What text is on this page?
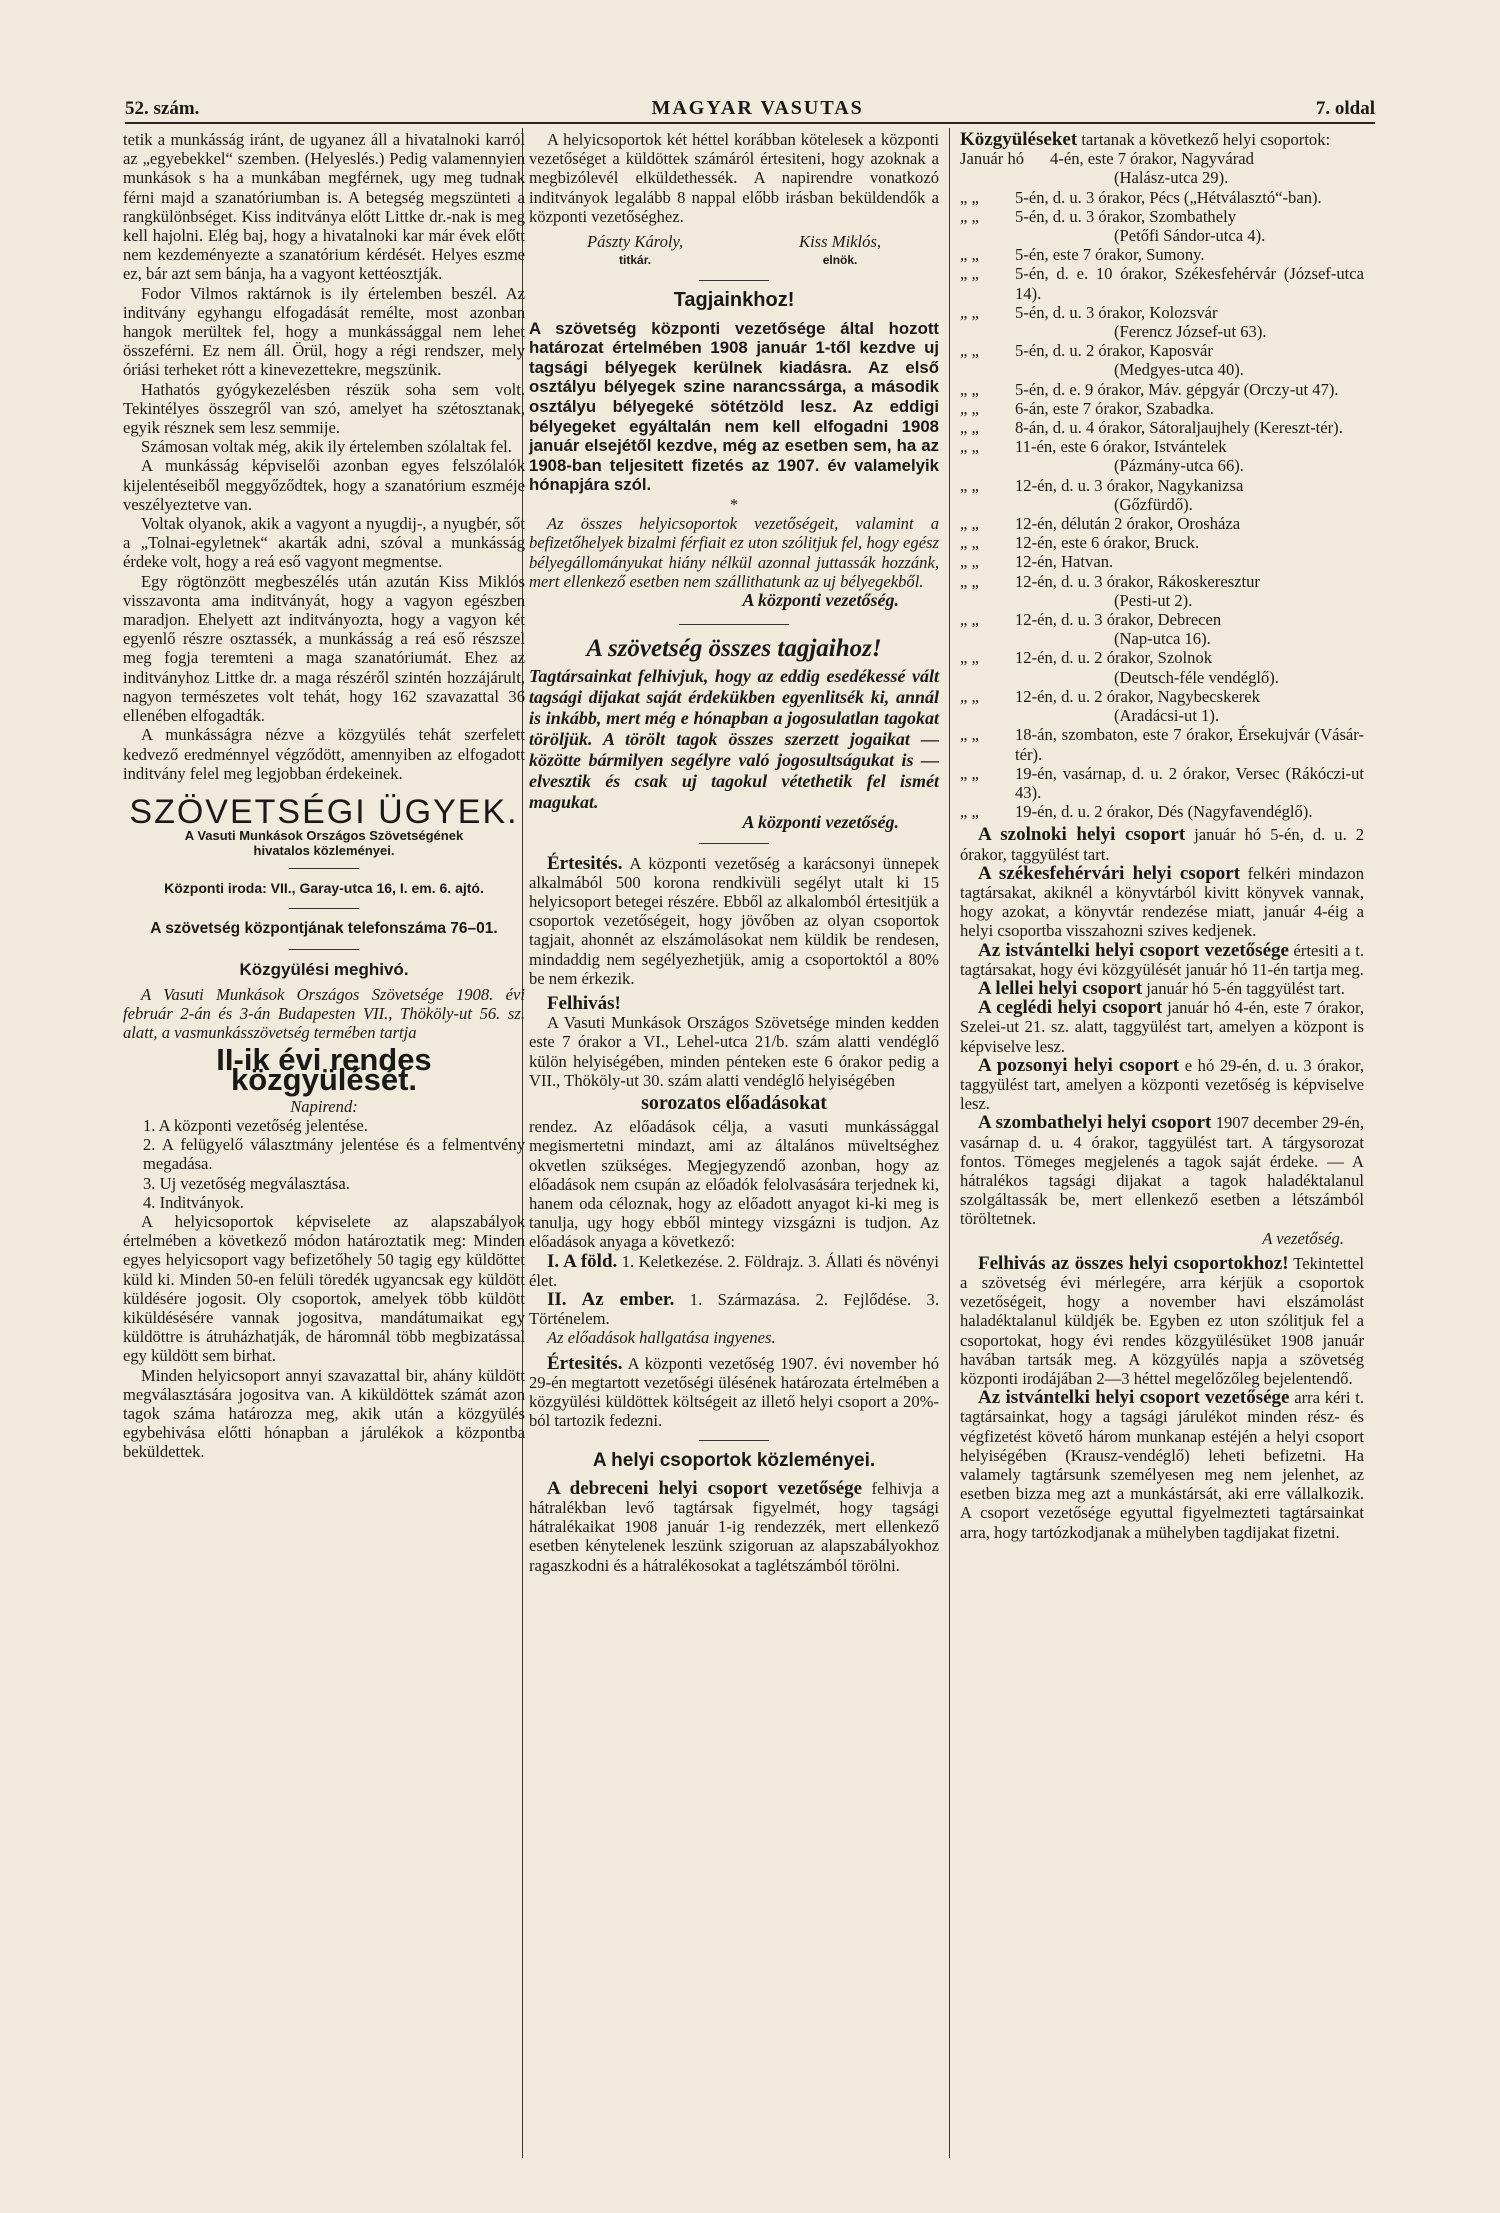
52. szám.	MAGYAR VASUTAS	7. oldal

tetik a munkásság iránt, de ugyanez áll a hivatalnoki karról az „egyebekkel“ szemben. (Helyeslés.) Pedig valamennyien munkások s ha a munkában megférnek, ugy meg tudnak férni majd a szanatóriumban is. A betegség megszünteti a rangkülönbséget. Kiss inditványa előtt Littke dr.-nak is meg kell hajolni. Elég baj, hogy a hivatalnoki kar már évek előtt nem kezdeményezte a szanatórium kérdését. Helyes eszme ez, bár azt sem bánja, ha a vagyont kettéosztják.

Fodor Vilmos raktárnok is ily értelemben beszél. Az inditvány egyhangu elfogadását remélte, most azonban hangok merültek fel, hogy a munkássággal nem lehet összeférni. Ez nem áll. Örül, hogy a régi rendszer, mely óriási terheket rótt a kinevezettekre, megszünik.

Hathatós gyógykezelésben részük soha sem volt. Tekintélyes összegről van szó, amelyet ha szétosztanak, egyik résznek sem lesz semmije.

Számosan voltak még, akik ily értelemben szólaltak fel.

A munkásság képviselői azonban egyes felszólalók kijelentéseiből meggyőződtek, hogy a szanatórium eszméje veszélyeztetve van.

Voltak olyanok, akik a vagyont a nyugdij-, a nyugbér, sőt a „Tolnai-egyletnek“ akarták adni, szóval a munkásság érdeke volt, hogy a reá eső vagyont megmentse.

Egy rögtönzött megbeszélés után azután Kiss Miklós visszavonta ama inditványát, hogy a vagyon egészben maradjon. Ehelyett azt inditványozta, hogy a vagyon két egyenlő részre osztassék, a munkásság a reá eső részszel meg fogja teremteni a maga szanatóriumát. Ehez az inditványhoz Littke dr. a maga részéről szintén hozzájárult, nagyon természetes volt tehát, hogy 162 szavazattal 36 ellenében elfogadták.

A munkásságra nézve a közgyülés tehát szerfelett kedvező eredménnyel végződött, amennyiben az elfogadott inditvány felel meg legjobban érdekeinek.

SZÖVETSÉGI ÜGYEK.

A Vasuti Munkások Országos Szövetségének hivatalos közleményei.

Központi iroda: VII., Garay-utca 16, I. em. 6. ajtó.

A szövetség központjának telefonszáma 76–01.

Közgyülési meghivó.

A Vasuti Munkások Országos Szövetsége 1908. évi február 2-án és 3-án Budapesten VII., Thököly-ut 56. sz. alatt, a vasmunkásszövetség termében tartja

II-ik évi rendes közgyülését.

Napirend:

1. A központi vezetőség jelentése.
2. A felügyelő választmány jelentése és a felmentvény megadása.
3. Uj vezetőség megválasztása.
4. Inditványok.

A helyicsoportok képviselete az alapszabályok értelmében a következő módon határoztatik meg: Minden egyes helyicsoport vagy befizetőhely 50 tagig egy küldöttet küld ki. Minden 50-en felüli töredék ugyancsak egy küldött küldésére jogosit. Oly csoportok, amelyek több küldött kiküldésésére vannak jogositva, mandátumaikat egy küldöttre is átruházhatják, de háromnál több megbizatással egy küldött sem birhat.

Minden helyicsoport annyi szavazattal bir, ahány küldött megválasztására jogositva van. A kiküldöttek számát azon tagok száma határozza meg, akik után a közgyülés egybehivása előtti hónapban a járulékok a központba beküldettek.

A helyicsoportok két héttel korábban kötelesek a központi vezetőséget a küldöttek számáról értesiteni, hogy azoknak a megbizólevél elküldethessék. A napirendre vonatkozó inditványok legalább 8 nappal előbb irásban beküldendők a központi vezetőséghez.

Pászty Károly,
titkár.
Kiss Miklós,
elnök.
Tagjainkhoz!
A szövetség központi vezetősége által hozott határozat értelmében 1908 január 1-től kezdve uj tagsági bélyegek kerülnek kiadásra. Az első osztályu bélyegek szine narancssárga, a második osztályu bélyegeké sötétzöld lesz. Az eddigi bélyegeket egyáltalán nem kell elfogadni 1908 január elsejétől kezdve, még az esetben sem, ha az 1908-ban teljesitett fizetés az 1907. év valamelyik hónapjára szól.
*

Az összes helyicsoportok vezetőségeit, valamint a befizetőhelyek bizalmi férfiait ez uton szólitjuk fel, hogy egész bélyegállományukat hiány nélkül azonnal juttassák hozzánk, mert ellenkező esetben nem szállithatunk az uj bélyegekből.

A központi vezetőség.

A szövetség összes tagjaihoz!
Tagtársainkat felhivjuk, hogy az eddig esedékessé vált tagsági dijakat saját érdekükben egyenlitsék ki, annál is inkább, mert még e hónapban a jogosulatlan tagokat töröljük. A törölt tagok összes szerzett jogaikat — közötte bármilyen segélyre való jogosultságukat is — elvesztik és csak uj tagokul vétethetik fel ismét magukat.

A központi vezetőség.

Értesités. A központi vezetőség a karácsonyi ünnepek alkalmából 500 korona rendkivüli segélyt utalt ki 15 helyicsoport betegei részére. Ebből az alkalomból értesitjük a csoportok vezetőségeit, hogy jövőben az olyan csoportok tagjait, ahonnét az elszámolásokat nem küldik be rendesen, mindaddig nem segélyezhetjük, amig a csoportoktól a 80% be nem érkezik.

Felhivás!

A Vasuti Munkások Országos Szövetsége minden kedden este 7 órakor a VI., Lehel-utca 21/b. szám alatti vendéglő külön helyiségében, minden pénteken este 6 órakor pedig a VII., Thököly-ut 30. szám alatti vendéglő helyiségében

sorozatos előadásokat

rendez. Az előadások célja, a vasuti munkássággal megismertetni mindazt, ami az általános müveltséghez okvetlen szükséges. Megjegyzendő azonban, hogy az előadások nem csupán az előadók felolvasására terjednek ki, hanem oda céloznak, hogy az előadott anyagot ki-ki meg is tanulja, ugy hogy ebből mintegy vizsgázni is tudjon. Az előadások anyaga a következő:

I. A föld. 1. Keletkezése. 2. Földrajz. 3. Állati és növényi élet.

II. Az ember. 1. Származása. 2. Fejlődése. 3. Történelem.

Az előadások hallgatása ingyenes.

Értesités. A központi vezetőség 1907. évi november hó 29-én megtartott vezetőségi ülésének határozata értelmében a közgyülési küldöttek költségeit az illető helyi csoport a 20%-ból tartozik fedezni.

A helyi csoportok közleményei.

A debreceni helyi csoport vezetősége felhivja a hátralékban levő tagtársak figyelmét, hogy tagsági hátralékaikat 1908 január 1-ig rendezzék, mert ellenkező esetben kénytelenek leszünk szigoruan az alapszabályokhoz ragaszkodni és a hátralékosokat a taglétszámból törölni.

Közgyüléseket tartanak a következő helyi csoportok:

Január hó	4-én, este 7 órakor, Nagyvárad
(Halász-utca 29).
„ „	5-én, d. u. 3 órakor, Pécs („Hétválasztó“-ban).
„ „	5-én, d. u. 3 órakor, Szombathely
(Petőfi Sándor-utca 4).
„ „	5-én, este 7 órakor, Sumony.
„ „	5-én, d. e. 10 órakor, Székesfehérvár (József-utca 14).
„ „	5-én, d. u. 3 órakor, Kolozsvár
(Ferencz József-ut 63).
„ „	5-én, d. u. 2 órakor, Kaposvár
(Medgyes-utca 40).
„ „	5-én, d. e. 9 órakor, Máv. gépgyár (Orczy-ut 47).
„ „	6-án, este 7 órakor, Szabadka.
„ „	8-án, d. u. 4 órakor, Sátoraljaujhely (Kereszt-tér).
„ „	11-én, este 6 órakor, Istvántelek
(Pázmány-utca 66).
„ „	12-én, d. u. 3 órakor, Nagykanizsa
(Gőzfürdő).
„ „	12-én, délután 2 órakor, Orosháza
„ „	12-én, este 6 órakor, Bruck.
„ „	12-én, Hatvan.
„ „	12-én, d. u. 3 órakor, Rákoskeresztur
(Pesti-ut 2).
„ „	12-én, d. u. 3 órakor, Debrecen
(Nap-utca 16).
„ „	12-én, d. u. 2 órakor, Szolnok
(Deutsch-féle vendéglő).
„ „	12-én, d. u. 2 órakor, Nagybecskerek
(Aradácsi-ut 1).
„ „	18-án, szombaton, este 7 órakor, Érsekujvár (Vásár-tér).
„ „	19-én, vasárnap, d. u. 2 órakor, Versec (Rákóczi-ut 43).
„ „	19-én, d. u. 2 órakor, Dés (Nagyfavendéglő).

A szolnoki helyi csoport január hó 5-én, d. u. 2 órakor, taggyülést tart.

A székesfehérvári helyi csoport felkéri mindazon tagtársakat, akiknél a könyvtárból kivitt könyvek vannak, hogy azokat, a könyvtár rendezése miatt, január 4-éig a helyi csoportba visszahozni szives kedjenek.

Az istvántelki helyi csoport vezetősége értesiti a t. tagtársakat, hogy évi közgyülését január hó 11-én tartja meg.

A lellei helyi csoport január hó 5-én taggyülést tart.

A ceglédi helyi csoport január hó 4-én, este 7 órakor, Szelei-ut 21. sz. alatt, taggyülést tart, amelyen a központ is képviselve lesz.

A pozsonyi helyi csoport e hó 29-én, d. u. 3 órakor, taggyülést tart, amelyen a központi vezetőség is képviselve lesz.

A szombathelyi helyi csoport 1907 december 29-én, vasárnap d. u. 4 órakor, taggyülést tart. A tárgysorozat fontos. Tömeges megjelenés a tagok saját érdeke. — A hátralékos tagsági dijakat a tagok haladéktalanul szolgáltassák be, mert ellenkező esetben a létszámból töröltetnek.

A vezetőség.

Felhivás az összes helyi csoportokhoz! Tekintettel a szövetség évi mérlegére, arra kérjük a csoportok vezetőségeit, hogy a november havi elszámolást haladéktalanul küldjék be. Egyben ez uton szólitjuk fel a csoportokat, hogy évi rendes közgyülésüket 1908 január havában tartsák meg. A közgyülés napja a szövetség központi irodájában 2—3 héttel megelőzőleg bejelentendő.

Az istvántelki helyi csoport vezetősége arra kéri t. tagtársainkat, hogy a tagsági járulékot minden rész- és végfizetést követő három munkanap estéjén a helyi csoport helyiségében (Krausz-vendéglő) leheti befizetni. Ha valamely tagtársunk személyesen meg nem jelenhet, az esetben bizza meg azt a munkástársát, aki erre vállalkozik. A csoport vezetősége egyuttal figyelmezteti tagtársainkat arra, hogy tartózkodjanak a mühelyben tagdijakat fizetni.
